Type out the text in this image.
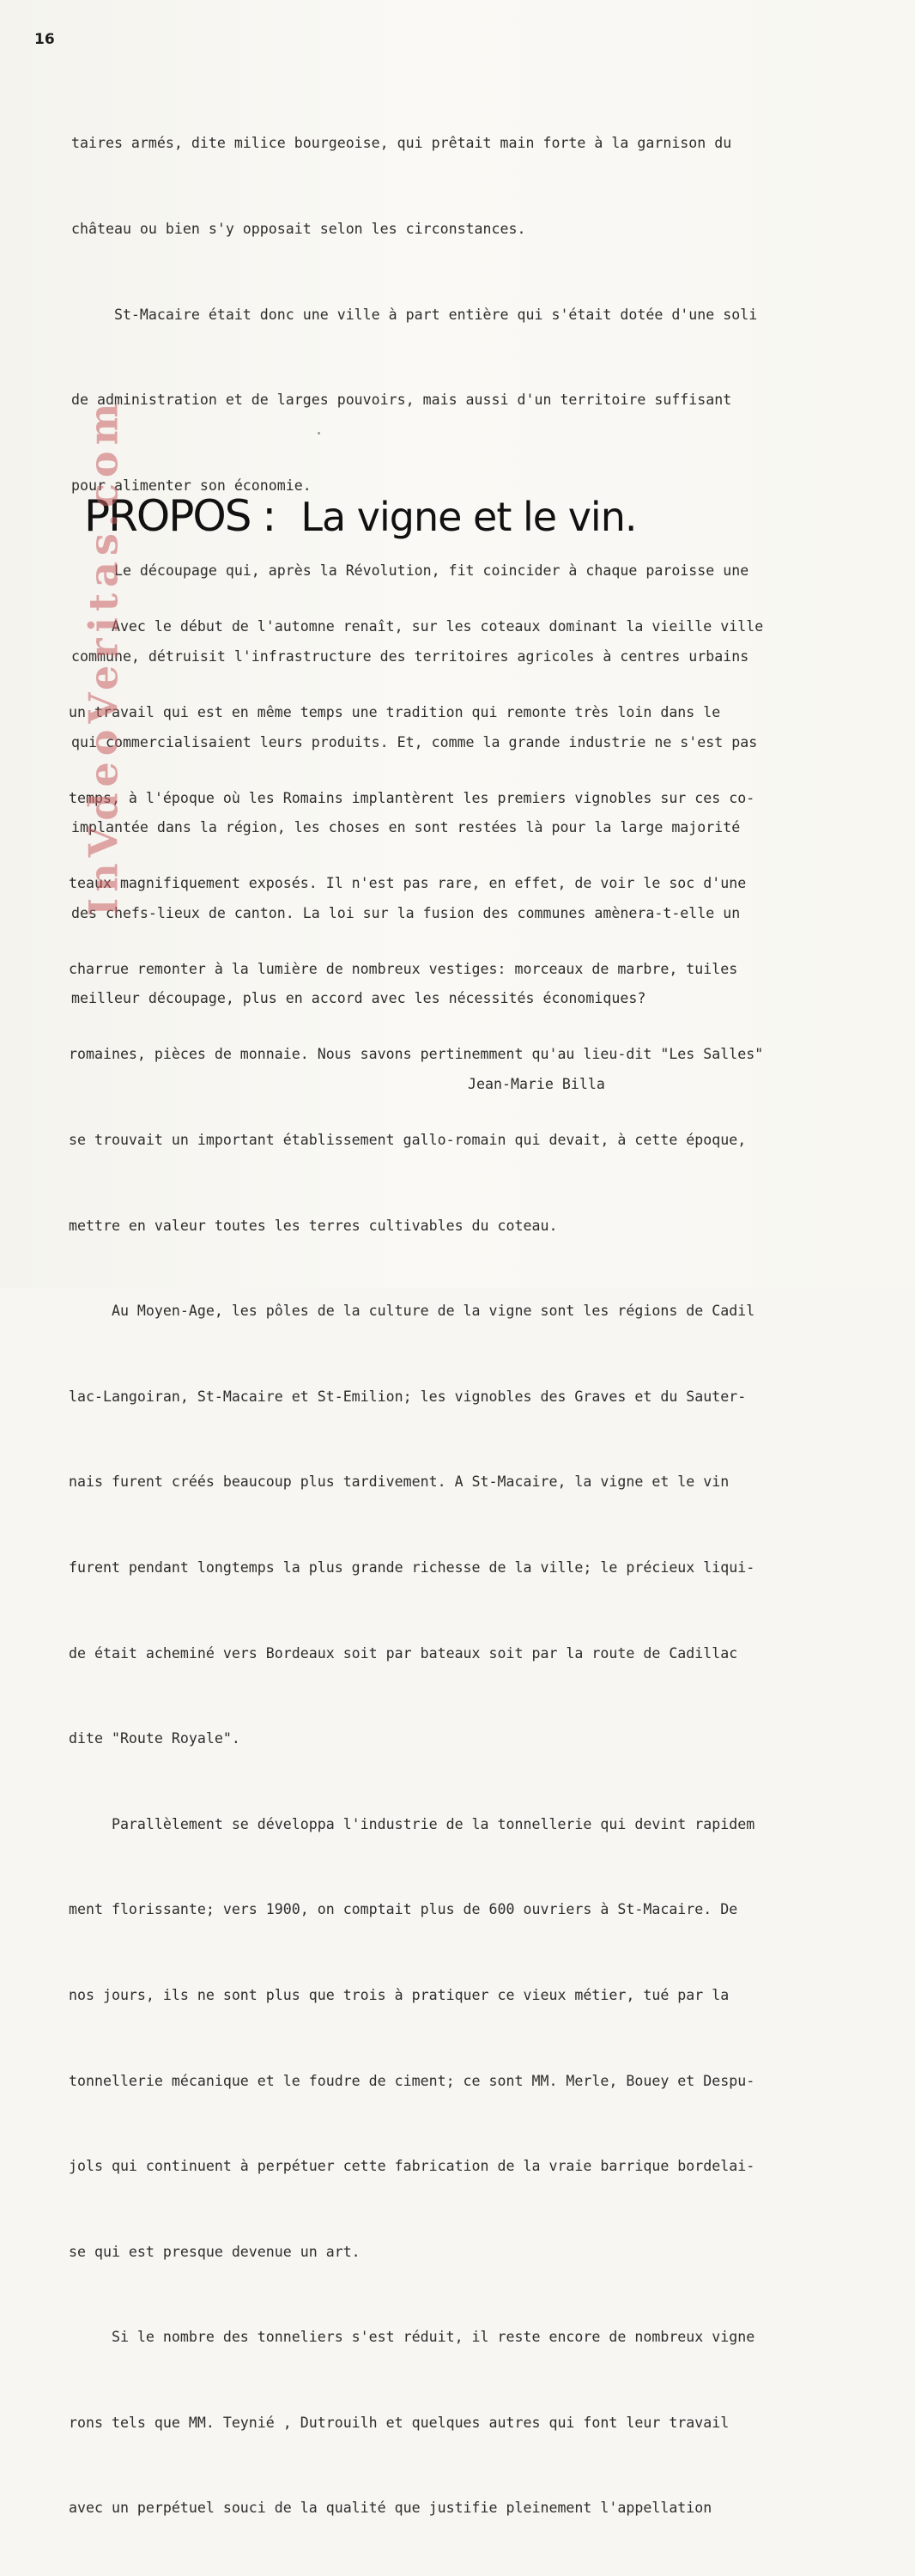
16

taires armés, dite milice bourgeoise, qui prêtait main forte à la garnison du

château ou bien s'y opposait selon les circonstances.

St-Macaire était donc une ville à part entière qui s'était dotée d'une soli

de administration et de larges pouvoirs, mais aussi d'un territoire suffisant

pour alimenter son économie.

Le découpage qui, après la Révolution, fit coincider à chaque paroisse une

commune, détruisit l'infrastructure des territoires agricoles à centres urbains

qui commercialisaient leurs produits. Et, comme la grande industrie ne s'est pas

implantée dans la région, les choses en sont restées là pour la large majorité

des chefs-lieux de canton. La loi sur la fusion des communes amènera-t-elle un

meilleur découpage, plus en accord avec les nécessités économiques?

Jean-Marie Billa

PROPOS : La vigne et le vin.

Avec le début de l'automne renaît, sur les coteaux dominant la vieille ville

un travail qui est en même temps une tradition qui remonte très loin dans le

temps, à l'époque où les Romains implantèrent les premiers vignobles sur ces co-

teaux magnifiquement exposés. Il n'est pas rare, en effet, de voir le soc d'une

charrue remonter à la lumière de nombreux vestiges: morceaux de marbre, tuiles

romaines, pièces de monnaie. Nous savons pertinemment qu'au lieu-dit "Les Salles"

se trouvait un important établissement gallo-romain qui devait, à cette époque,

mettre en valeur toutes les terres cultivables du coteau.

Au Moyen-Age, les pôles de la culture de la vigne sont les régions de Cadil

lac-Langoiran, St-Macaire et St-Emilion; les vignobles des Graves et du Sauter-

nais furent créés beaucoup plus tardivement. A St-Macaire, la vigne et le vin

furent pendant longtemps la plus grande richesse de la ville; le précieux liqui-

de était acheminé vers Bordeaux soit par bateaux soit par la route de Cadillac

dite "Route Royale".

Parallèlement se développa l'industrie de la tonnellerie qui devint rapidem

ment florissante; vers 1900, on comptait plus de 600 ouvriers à St-Macaire. De

nos jours, ils ne sont plus que trois à pratiquer ce vieux métier, tué par la

tonnellerie mécanique et le foudre de ciment; ce sont MM. Merle, Bouey et Despu-

jols qui continuent à perpétuer cette fabrication de la vraie barrique bordelai-

se qui est presque devenue un art.

Si le nombre des tonneliers s'est réduit, il reste encore de nombreux vigne

rons tels que MM. Teynié , Dutrouilh et quelques autres qui font leur travail

avec un perpétuel souci de la qualité que justifie pleinement l'appellation

InVdeoVeritas.com
